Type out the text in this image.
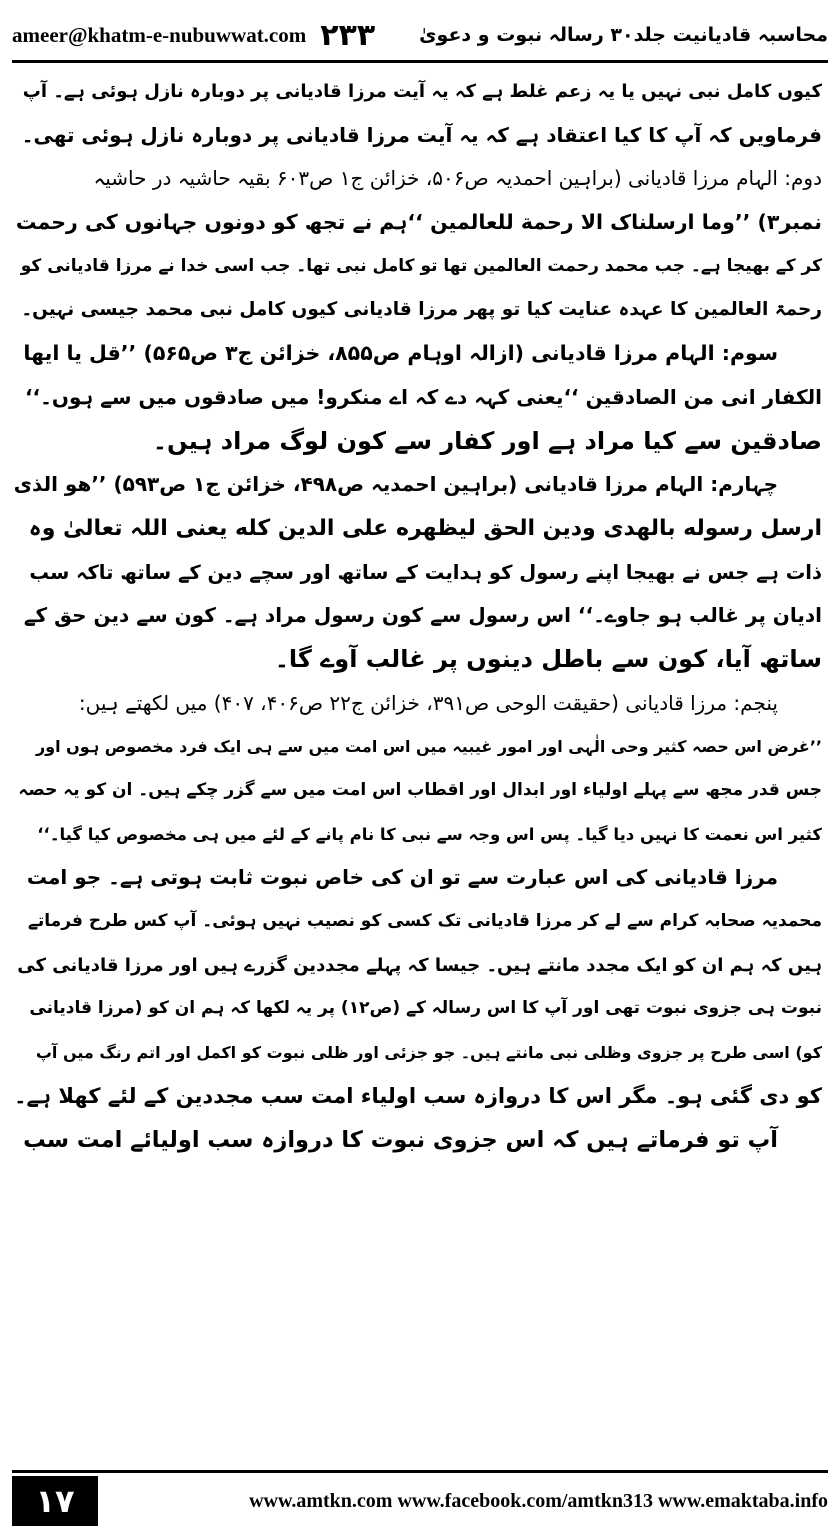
ameer@khatm-e-nubuwwat.com ۲۳۳ محاسبہ قادیانیت جلد۳۰ رسالہ نبوت و دعویٰ
کیوں کامل نبی نہیں یا یہ زعم غلط ہے کہ یہ آیت مرزا قادیانی پر دوبارہ نازل ہوئی ہے۔ آپ
فرماویں کہ آپ کا کیا اعتقاد ہے کہ یہ آیت مرزا قادیانی پر دوبارہ نازل ہوئی تھی۔
دوم: الہام مرزا قادیانی (براہین احمدیہ ص۵۰۶، خزائن ج۱ ص۶۰۳ بقیہ حاشیہ در حاشیہ
نمبر۳) ’’وما ارسلناک الا رحمة للعالمین ‘‘ہم نے تجھ کو دونوں جہانوں کی رحمت
کر کے بھیجا ہے۔ جب محمد رحمت العالمین تھا تو کامل نبی تھا۔ جب اسی خدا نے مرزا قادیانی کو
رحمۃ العالمین کا عہدہ عنایت کیا تو پھر مرزا قادیانی کیوں کامل نبی محمد جیسی نہیں۔
سوم: الہام مرزا قادیانی (ازالہ اوہام ص۸۵۵، خزائن ج۳ ص۵۶۵) ’’قل یا ایھا
الکفار انی من الصادقین ‘‘یعنی کہہ دے کہ اے منکرو! میں صادقوں میں سے ہوں۔‘‘
صادقین سے کیا مراد ہے اور کفار سے کون لوگ مراد ہیں۔
چہارم: الہام مرزا قادیانی (براہین احمدیہ ص۴۹۸، خزائن ج۱ ص۵۹۳) ’’ھو الذی
ارسل رسوله بالھدی ودین الحق لیظھره علی الدین کله یعنی اللہ تعالیٰ وہ
ذات ہے جس نے بھیجا اپنے رسول کو ہدایت کے ساتھ اور سچے دین کے ساتھ تاکہ سب
ادیان پر غالب ہو جاوے۔‘‘ اس رسول سے کون رسول مراد ہے۔ کون سے دین حق کے
ساتھ آیا، کون سے باطل دینوں پر غالب آوے گا۔
پنجم: مرزا قادیانی (حقیقت الوحی ص۳۹۱، خزائن ج۲۲ ص۴۰۶، ۴۰۷) میں لکھتے ہیں:
’’غرض اس حصہ کثیر وحی الٰہی اور امور غیبیہ میں اس امت میں سے ہی ایک فرد مخصوص ہوں اور
جس قدر مجھ سے پہلے اولیاء اور ابدال اور اقطاب اس امت میں سے گزر چکے ہیں۔ ان کو یہ حصہ
کثیر اس نعمت کا نہیں دیا گیا۔ پس اس وجہ سے نبی کا نام پانے کے لئے میں ہی مخصوص کیا گیا۔‘‘
مرزا قادیانی کی اس عبارت سے تو ان کی خاص نبوت ثابت ہوتی ہے۔ جو امت
محمدیہ صحابہ کرام سے لے کر مرزا قادیانی تک کسی کو نصیب نہیں ہوئی۔ آپ کس طرح فرماتے
ہیں کہ ہم ان کو ایک مجدد مانتے ہیں۔ جیسا کہ پہلے مجددین گزرے ہیں اور مرزا قادیانی کی
نبوت ہی جزوی نبوت تھی اور آپ کا اس رسالہ کے (ص۱۲) پر یہ لکھا کہ ہم ان کو (مرزا قادیانی
کو) اسی طرح پر جزوی وظلی نبی مانتے ہیں۔ جو جزئی اور ظلی نبوت کو اکمل اور اتم رنگ میں آپ
کو دی گئی ہو۔ مگر اس کا دروازہ سب اولیاء امت سب مجددین کے لئے کھلا ہے۔
آپ تو فرماتے ہیں کہ اس جزوی نبوت کا دروازہ سب اولیائے امت سب
۱۷	www.amtkn.com www.facebook.com/amtkn313 www.emaktaba.info
